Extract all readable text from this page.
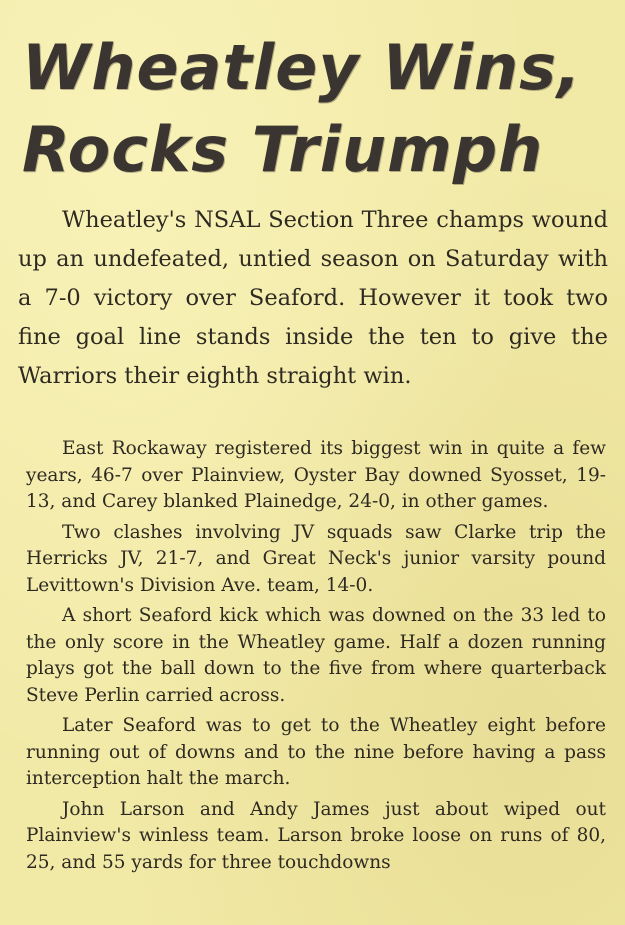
Wheatley Wins,
Rocks Triumph

Wheatley's NSAL Section Three champs wound up an undefeated, untied season on Saturday with a 7-0 victory over Seaford. However it took two fine goal line stands inside the ten to give the Warriors their eighth straight win.

East Rockaway registered its biggest win in quite a few years, 46-7 over Plainview, Oyster Bay downed Syosset, 19-13, and Carey blanked Plainedge, 24-0, in other games.

Two clashes involving JV squads saw Clarke trip the Herricks JV, 21-7, and Great Neck's junior varsity pound Levittown's Division Ave. team, 14-0.

A short Seaford kick which was downed on the 33 led to the only score in the Wheatley game. Half a dozen running plays got the ball down to the five from where quarterback Steve Perlin carried across.

Later Seaford was to get to the Wheatley eight before running out of downs and to the nine before having a pass interception halt the march.

John Larson and Andy James just about wiped out Plainview's winless team. Larson broke loose on runs of 80, 25, and 55 yards for three touchdowns
